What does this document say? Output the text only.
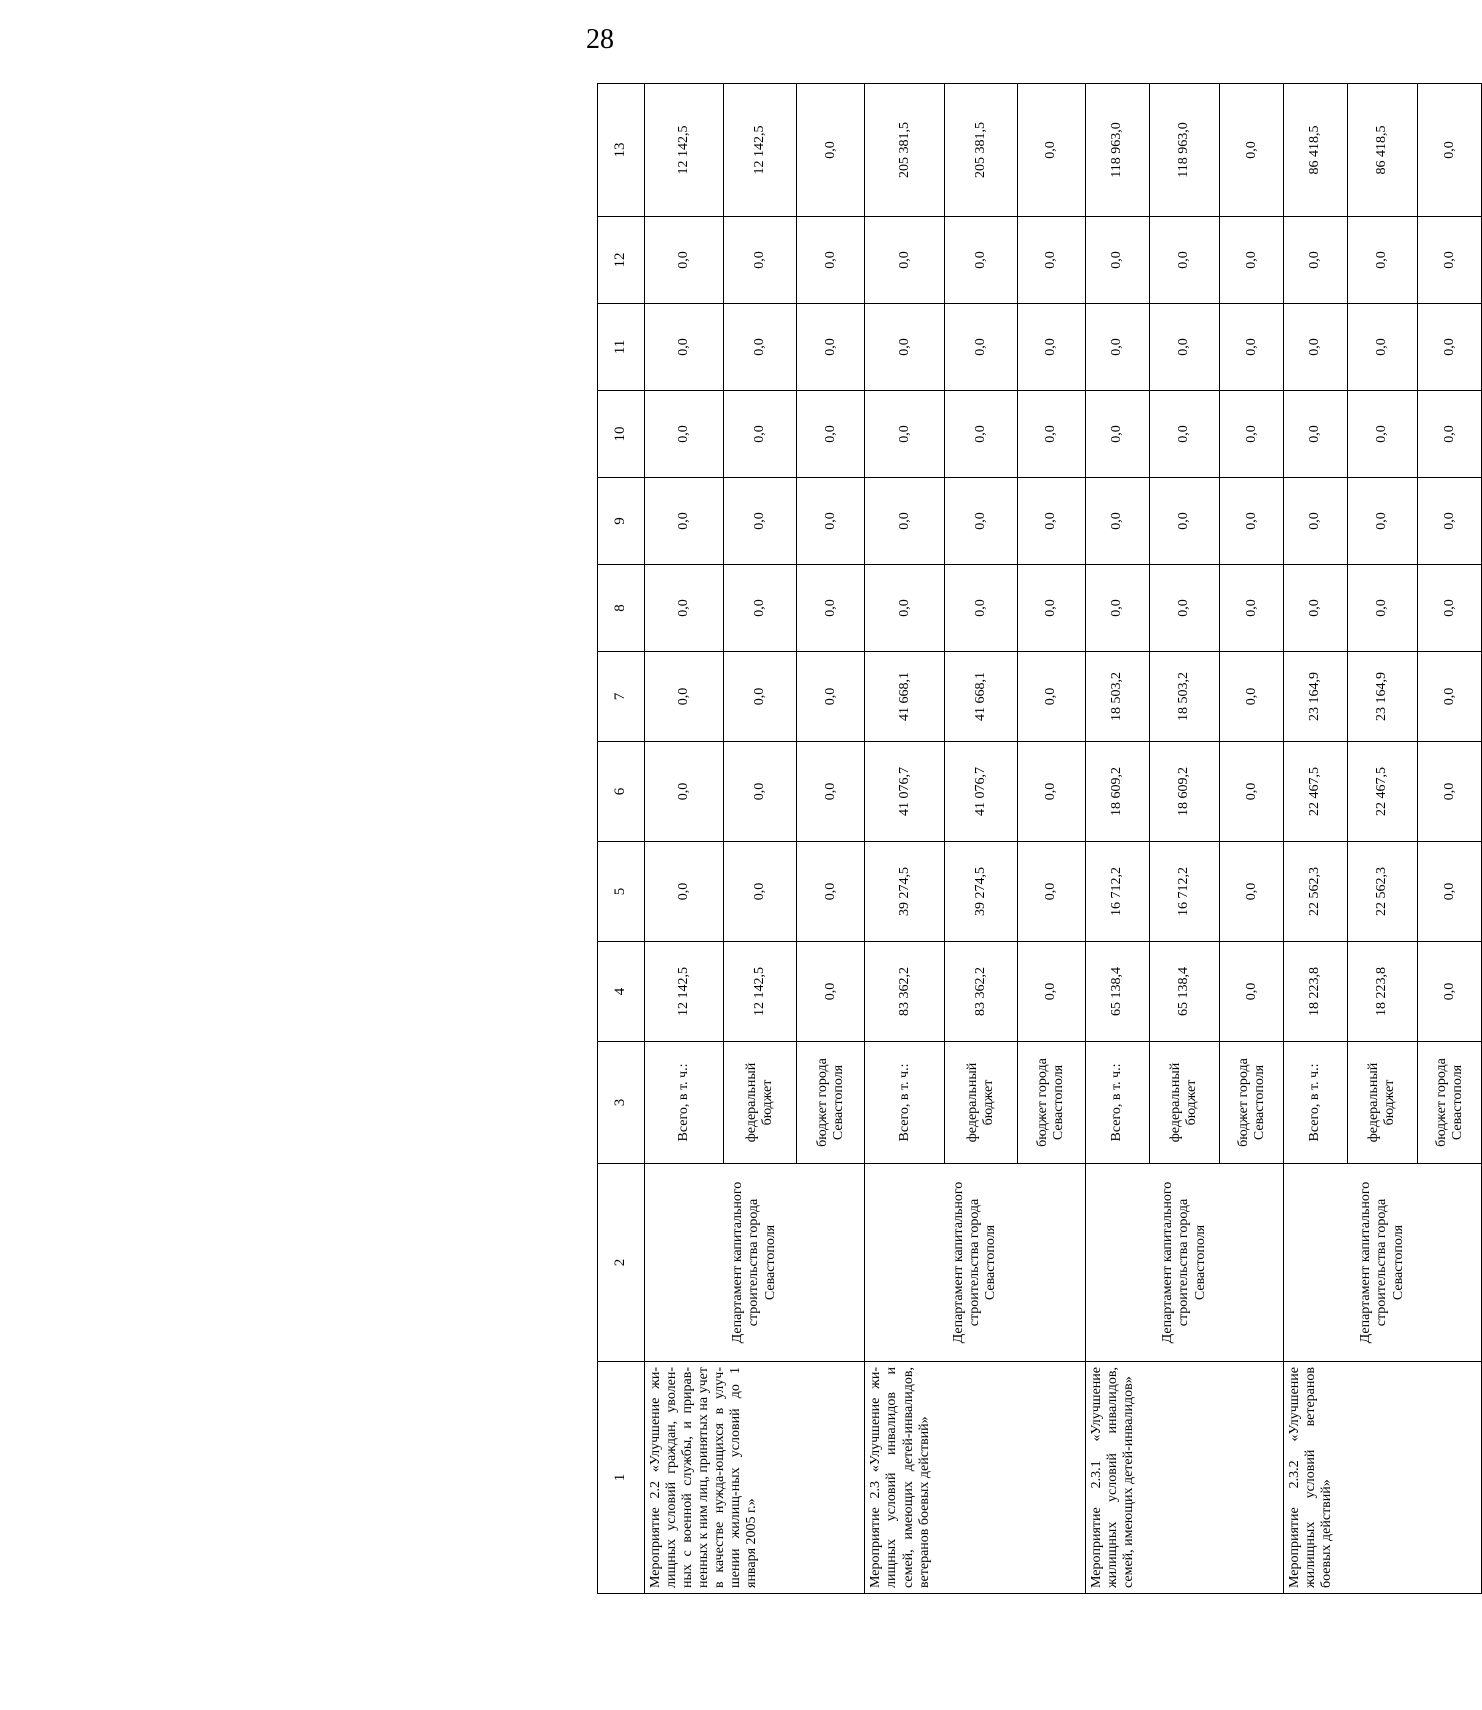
28
1	2	3	4	5	6	7	8	9	10	11	12	13
Мероприятие 2.2 «Улучшение жи-лищных условий граждан, уволен-ных с военной службы, и прирав-ненных к ним лиц, принятых на учет в качестве нужда-ющихся в улуч-шении жилищ-ных условий до 1 января 2005 г.»	Департамент капитального строительства города Севастополя	Всего, в т. ч.:	12 142,5	0,0	0,0	0,0	0,0	0,0	0,0	0,0	0,0	12 142,5
		федеральный бюджет	12 142,5	0,0	0,0	0,0	0,0	0,0	0,0	0,0	0,0	12 142,5
		бюджет города Севастополя	0,0	0,0	0,0	0,0	0,0	0,0	0,0	0,0	0,0	0,0
Мероприятие 2.3 «Улучшение жи-лищных условий инвалидов и семей, имеющих детей-инвалидов, ветеранов боевых действий»	Департамент капитального строительства города Севастополя	Всего, в т. ч.:	83 362,2	39 274,5	41 076,7	41 668,1	0,0	0,0	0,0	0,0	0,0	205 381,5
		федеральный бюджет	83 362,2	39 274,5	41 076,7	41 668,1	0,0	0,0	0,0	0,0	0,0	205 381,5
		бюджет города Севастополя	0,0	0,0	0,0	0,0	0,0	0,0	0,0	0,0	0,0	0,0
Мероприятие 2.3.1 «Улучшение жилищных условий инвалидов, семей, имеющих детей-инвалидов»	Департамент капитального строительства города Севастополя	Всего, в т. ч.:	65 138,4	16 712,2	18 609,2	18 503,2	0,0	0,0	0,0	0,0	0,0	118 963,0
		федеральный бюджет	65 138,4	16 712,2	18 609,2	18 503,2	0,0	0,0	0,0	0,0	0,0	118 963,0
		бюджет города Севастополя	0,0	0,0	0,0	0,0	0,0	0,0	0,0	0,0	0,0	0,0
Мероприятие 2.3.2 «Улучшение жилищных условий ветеранов боевых действий»	Департамент капитального строительства города Севастополя	Всего, в т. ч.:	18 223,8	22 562,3	22 467,5	23 164,9	0,0	0,0	0,0	0,0	0,0	86 418,5
		федеральный бюджет	18 223,8	22 562,3	22 467,5	23 164,9	0,0	0,0	0,0	0,0	0,0	86 418,5
		бюджет города Севастополя	0,0	0,0	0,0	0,0	0,0	0,0	0,0	0,0	0,0	0,0
